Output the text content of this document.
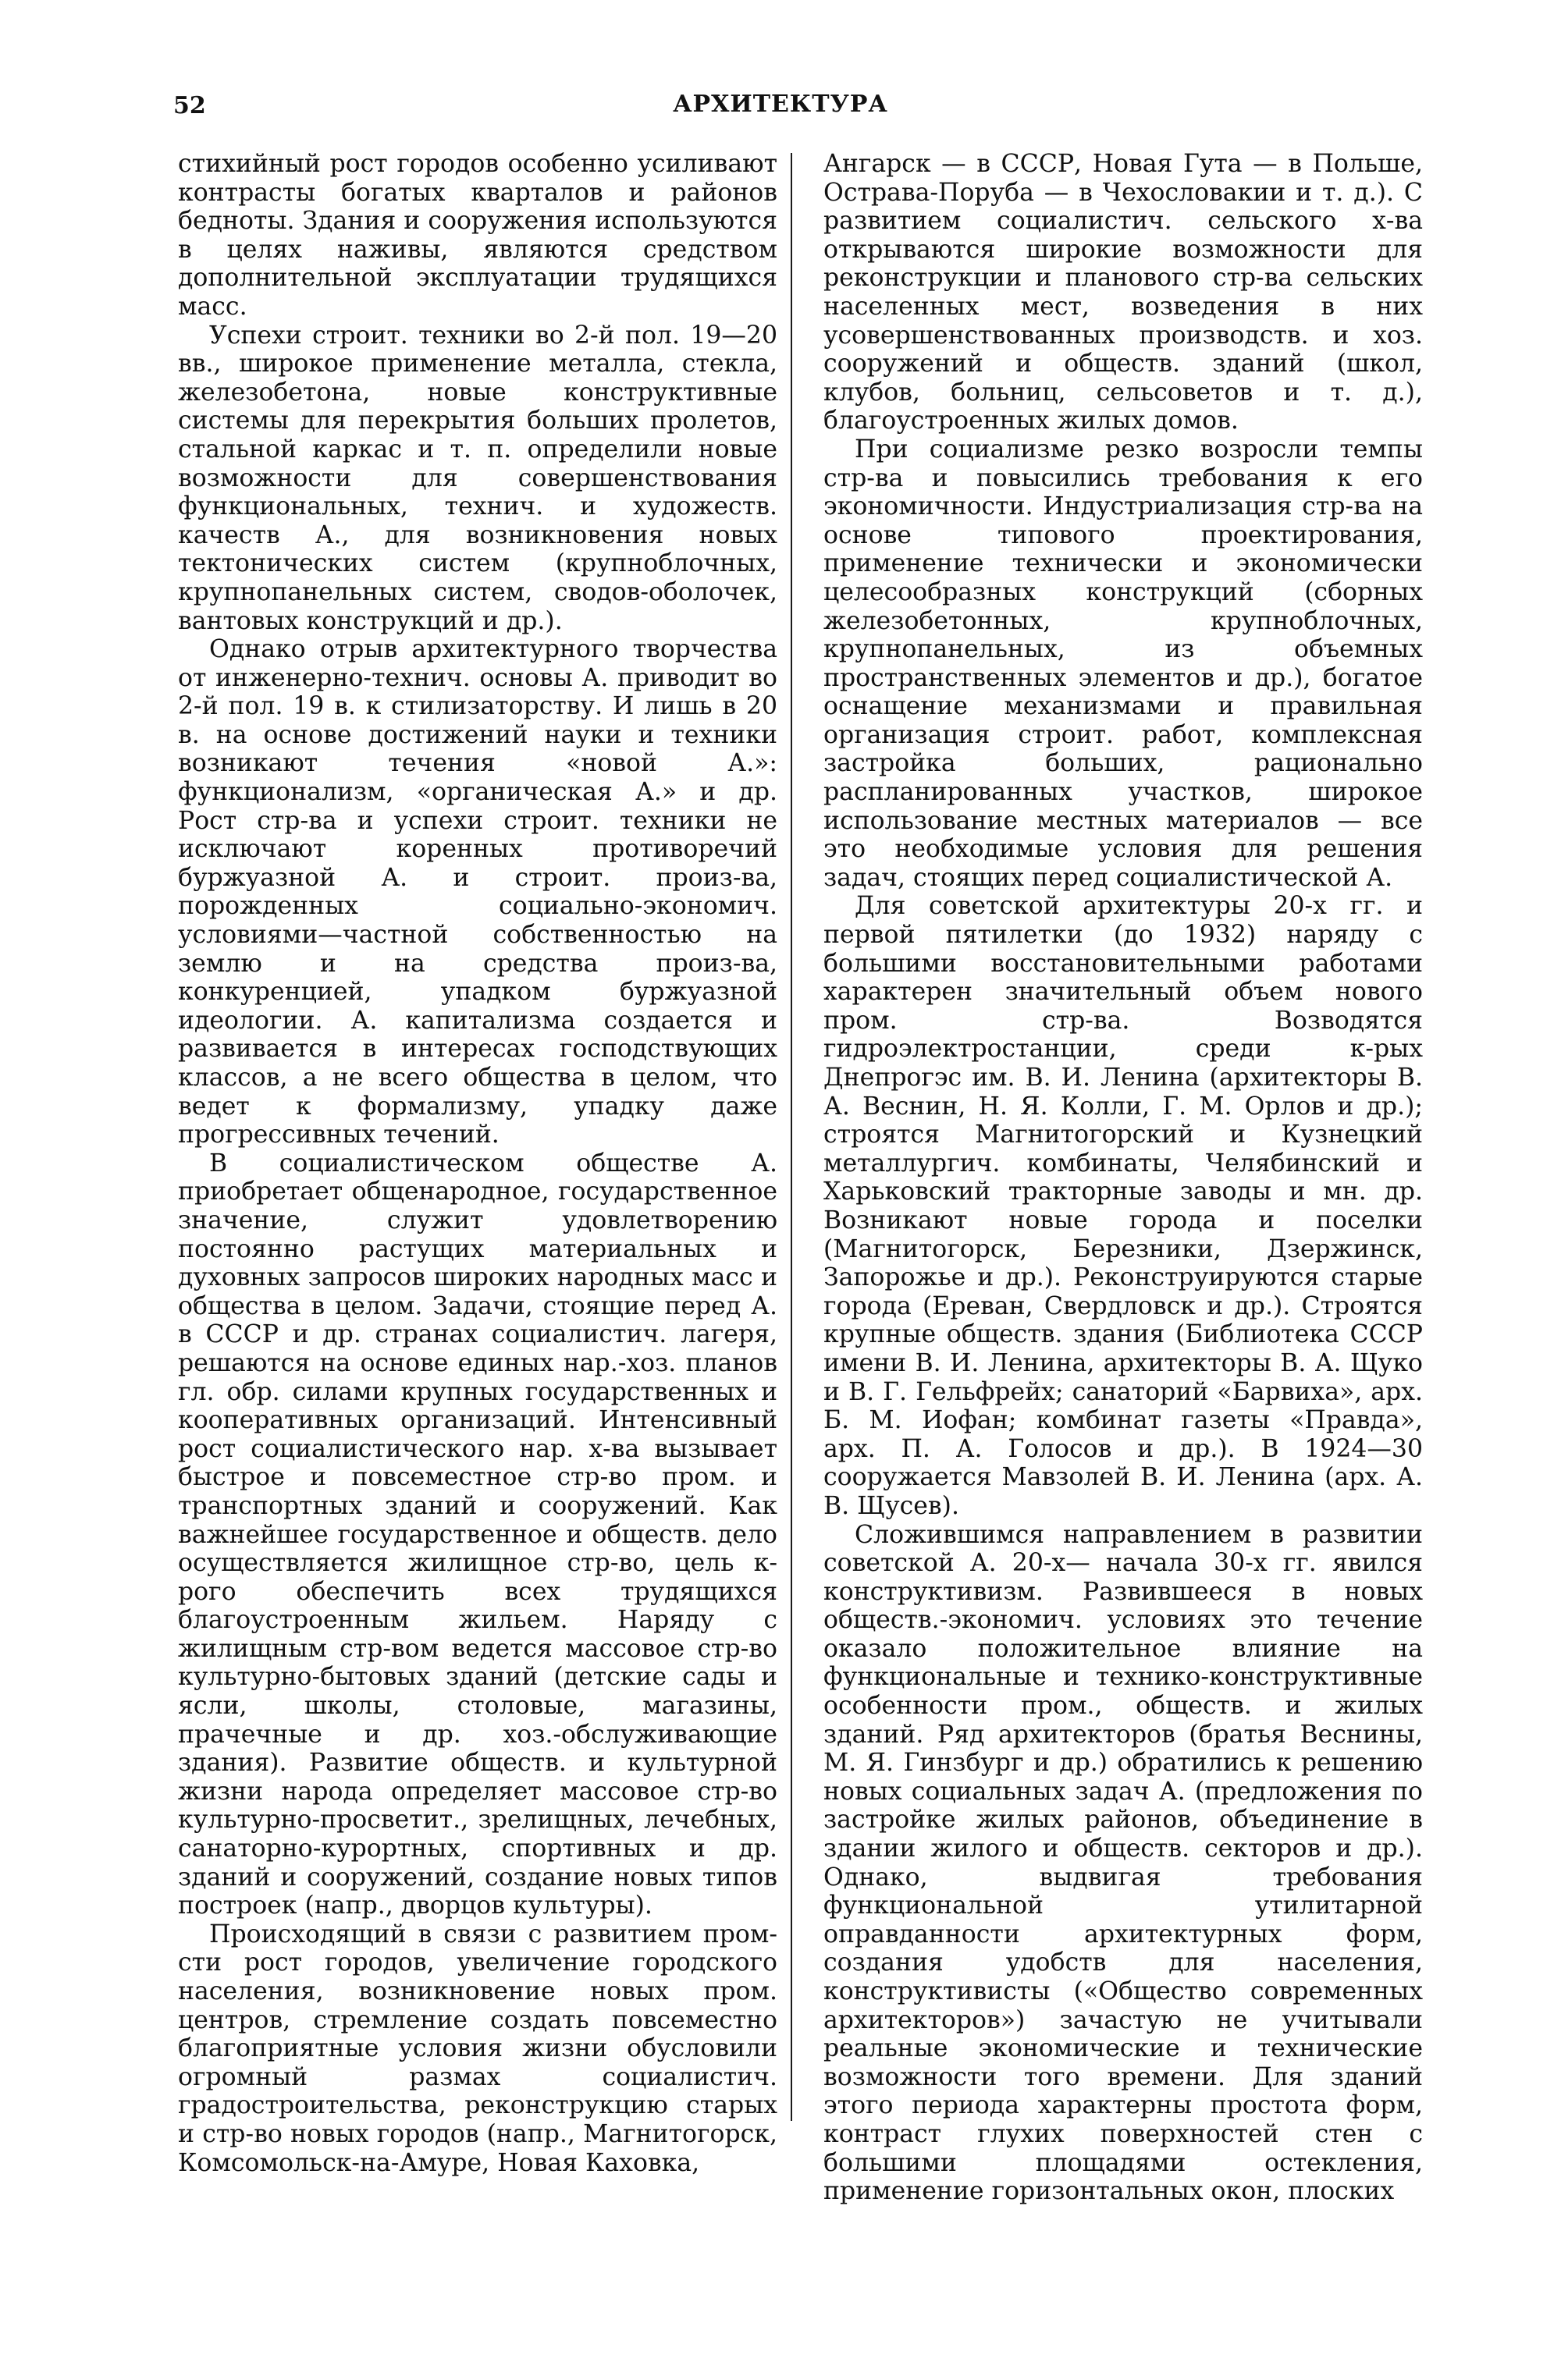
52	АРХИТЕКТУРА

стихийный рост городов особенно усиливают контрасты богатых кварталов и районов бедноты. Здания и сооружения используются в целях наживы, являются средством дополнительной эксплуатации трудящихся масс.

Успехи строит. техники во 2-й пол. 19—20 вв., широкое применение металла, стекла, железобетона, новые конструктивные системы для перекрытия больших пролетов, стальной каркас и т. п. определили новые возможности для совершенствования функциональных, технич. и художеств. качеств А., для возникновения новых тектонических систем (крупноблочных, крупнопанельных систем, сводов-оболочек, вантовых конструкций и др.).

Однако отрыв архитектурного творчества от инженерно-технич. основы А. приводит во 2-й пол. 19 в. к стилизаторству. И лишь в 20 в. на основе достижений науки и техники возникают течения «новой А.»: функционализм, «органическая А.» и др. Рост стр-ва и успехи строит. техники не исключают коренных противоречий буржуазной А. и строит. произ-ва, порожденных социально-экономич. условиями—частной собственностью на землю и на средства произ-ва, конкуренцией, упадком буржуазной идеологии. А. капитализма создается и развивается в интересах господствующих классов, а не всего общества в целом, что ведет к формализму, упадку даже прогрессивных течений.

В социалистическом обществе А. приобретает общенародное, государственное значение, служит удовлетворению постоянно растущих материальных и духовных запросов широких народных масс и общества в целом. Задачи, стоящие перед А. в СССР и др. странах социалистич. лагеря, решаются на основе единых нар.-хоз. планов гл. обр. силами крупных государственных и кооперативных организаций. Интенсивный рост социалистического нар. х-ва вызывает быстрое и повсеместное стр-во пром. и транспортных зданий и сооружений. Как важнейшее государственное и обществ. дело осуществляется жилищное стр-во, цель к-рого обеспечить всех трудящихся благоустроенным жильем. Наряду с жилищным стр-вом ведется массовое стр-во культурно-бытовых зданий (детские сады и ясли, школы, столовые, магазины, прачечные и др. хоз.-обслуживающие здания). Развитие обществ. и культурной жизни народа определяет массовое стр-во культурно-просветит., зрелищных, лечебных, санаторно-курортных, спортивных и др. зданий и сооружений, создание новых типов построек (напр., дворцов культуры).

Происходящий в связи с развитием пром-сти рост городов, увеличение городского населения, возникновение новых пром. центров, стремление создать повсеместно благоприятные условия жизни обусловили огромный размах социалистич. градостроительства, реконструкцию старых и стр-во новых городов (напр., Магнитогорск, Комсомольск-на-Амуре, Новая Каховка,

Ангарск — в СССР, Новая Гута — в Польше, Острава-Поруба — в Чехословакии и т. д.). С развитием социалистич. сельского х-ва открываются широкие возможности для реконструкции и планового стр-ва сельских населенных мест, возведения в них усовершенствованных производств. и хоз. сооружений и обществ. зданий (школ, клубов, больниц, сельсоветов и т. д.), благоустроенных жилых домов.

При социализме резко возросли темпы стр-ва и повысились требования к его экономичности. Индустриализация стр-ва на основе типового проектирования, применение технически и экономически целесообразных конструкций (сборных железобетонных, крупноблочных, крупнопанельных, из объемных пространственных элементов и др.), богатое оснащение механизмами и правильная организация строит. работ, комплексная застройка больших, рационально распланированных участков, широкое использование местных материалов — все это необходимые условия для решения задач, стоящих перед социалистической А.

Для советской архитектуры 20-х гг. и первой пятилетки (до 1932) наряду с большими восстановительными работами характерен значительный объем нового пром. стр-ва. Возводятся гидроэлектростанции, среди к-рых Днепрогэс им. В. И. Ленина (архитекторы В. А. Веснин, Н. Я. Колли, Г. М. Орлов и др.); строятся Магнитогорский и Кузнецкий металлургич. комбинаты, Челябинский и Харьковский тракторные заводы и мн. др. Возникают новые города и поселки (Магнитогорск, Березники, Дзержинск, Запорожье и др.). Реконструируются старые города (Ереван, Свердловск и др.). Строятся крупные обществ. здания (Библиотека СССР имени В. И. Ленина, архитекторы В. А. Щуко и В. Г. Гельфрейх; санаторий «Барвиха», арх. Б. М. Иофан; комбинат газеты «Правда», арх. П. А. Голосов и др.). В 1924—30 сооружается Мавзолей В. И. Ленина (арх. А. В. Щусев).

Сложившимся направлением в развитии советской А. 20-х— начала 30-х гг. явился конструктивизм. Развившееся в новых обществ.-экономич. условиях это течение оказало положительное влияние на функциональные и технико-конструктивные особенности пром., обществ. и жилых зданий. Ряд архитекторов (братья Веснины, М. Я. Гинзбург и др.) обратились к решению новых социальных задач А. (предложения по застройке жилых районов, объединение в здании жилого и обществ. секторов и др.). Однако, выдвигая требования функциональной утилитарной оправданности архитектурных форм, создания удобств для населения, конструктивисты («Общество современных архитекторов») зачастую не учитывали реальные экономические и технические возможности того времени. Для зданий этого периода характерны простота форм, контраст глухих поверхностей стен с большими площадями остекления, применение горизонтальных окон, плоских
